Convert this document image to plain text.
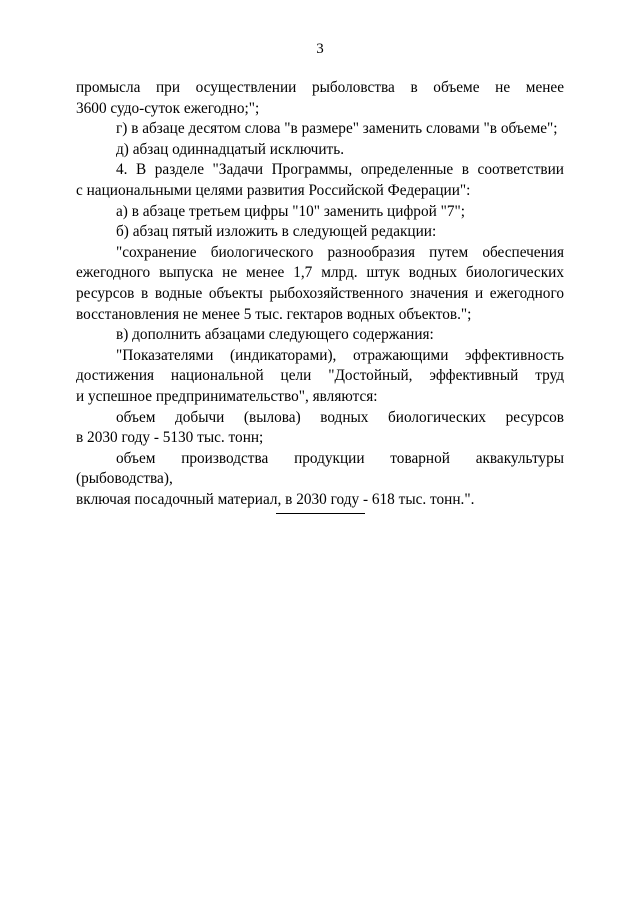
3
промысла при осуществлении рыболовства в объеме не менее
3600 судо-суток ежегодно;";
г) в абзаце десятом слова "в размере" заменить словами "в объеме";
д) абзац одиннадцатый исключить.
4. В разделе "Задачи Программы, определенные в соответствии
с национальными целями развития Российской Федерации":
а) в абзаце третьем цифры "10" заменить цифрой "7";
б) абзац пятый изложить в следующей редакции:
"сохранение биологического разнообразия путем обеспечения
ежегодного выпуска не менее 1,7 млрд. штук водных биологических
ресурсов в водные объекты рыбохозяйственного значения и ежегодного
восстановления не менее 5 тыс. гектаров водных объектов.";
в) дополнить абзацами следующего содержания:
"Показателями (индикаторами), отражающими эффективность
достижения национальной цели "Достойный, эффективный труд
и успешное предпринимательство", являются:
объем добычи (вылова) водных биологических ресурсов
в 2030 году - 5130 тыс. тонн;
объем производства продукции товарной аквакультуры (рыбоводства),
включая посадочный материал, в 2030 году - 618 тыс. тонн.".
